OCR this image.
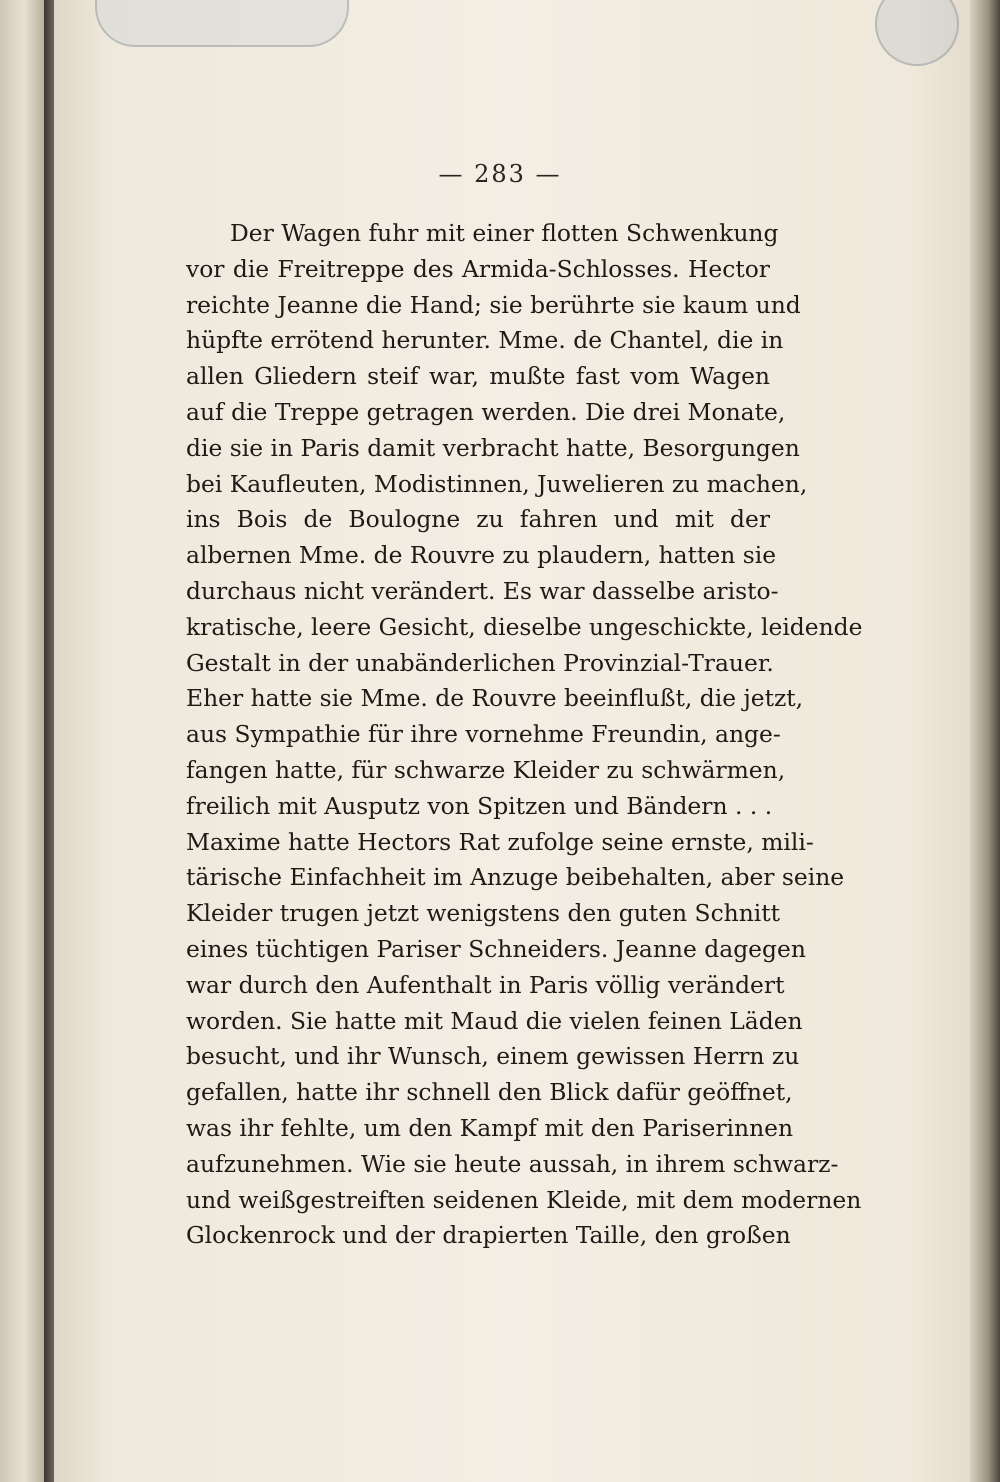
— 283 —
Der Wagen fuhr mit einer flotten Schwenkung
vor die Freitreppe des Armida-Schlosses. Hector
reichte Jeanne die Hand; sie berührte sie kaum und
hüpfte errötend herunter. Mme. de Chantel, die in
allen Gliedern steif war, mußte fast vom Wagen
auf die Treppe getragen werden. Die drei Monate,
die sie in Paris damit verbracht hatte, Besorgungen
bei Kaufleuten, Modistinnen, Juwelieren zu machen,
ins Bois de Boulogne zu fahren und mit der
albernen Mme. de Rouvre zu plaudern, hatten sie
durchaus nicht verändert. Es war dasselbe aristo-
kratische, leere Gesicht, dieselbe ungeschickte, leidende
Gestalt in der unabänderlichen Provinzial-Trauer.
Eher hatte sie Mme. de Rouvre beeinflußt, die jetzt,
aus Sympathie für ihre vornehme Freundin, ange-
fangen hatte, für schwarze Kleider zu schwärmen,
freilich mit Ausputz von Spitzen und Bändern . . .
Maxime hatte Hectors Rat zufolge seine ernste, mili-
tärische Einfachheit im Anzuge beibehalten, aber seine
Kleider trugen jetzt wenigstens den guten Schnitt
eines tüchtigen Pariser Schneiders. Jeanne dagegen
war durch den Aufenthalt in Paris völlig verändert
worden. Sie hatte mit Maud die vielen feinen Läden
besucht, und ihr Wunsch, einem gewissen Herrn zu
gefallen, hatte ihr schnell den Blick dafür geöffnet,
was ihr fehlte, um den Kampf mit den Pariserinnen
aufzunehmen. Wie sie heute aussah, in ihrem schwarz-
und weißgestreiften seidenen Kleide, mit dem modernen
Glockenrock und der drapierten Taille, den großen
